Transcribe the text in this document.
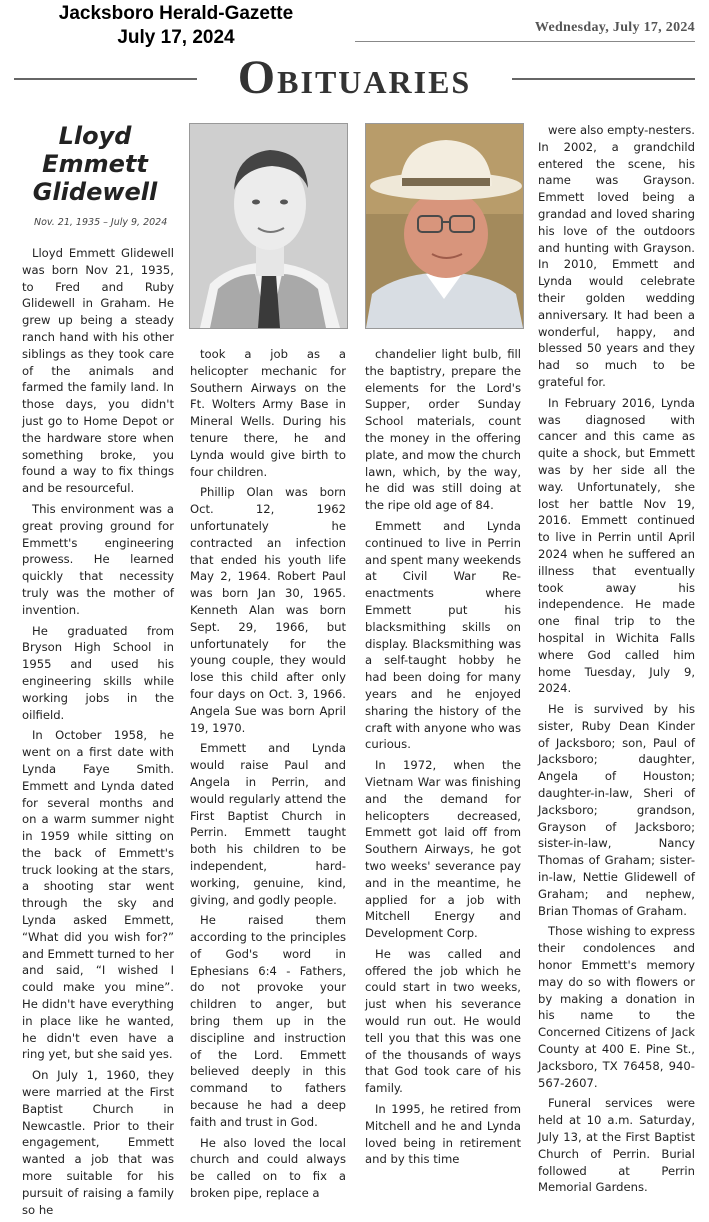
Jacksboro Herald-Gazette
July 17, 2024	Wednesday, July 17, 2024
OBITUARIES
Lloyd
Emmett
Glidewell
Nov. 21, 1935 – July 9, 2024

Lloyd Emmett Glidewell was born Nov 21, 1935, to Fred and Ruby Glidewell in Graham. He grew up being a steady ranch hand with his other siblings as they took care of the animals and farmed the family land. In those days, you didn't just go to Home Depot or the hardware store when something broke, you found a way to fix things and be resourceful.

This environment was a great proving ground for Emmett's engineering prowess. He learned quickly that necessity truly was the mother of invention.

He graduated from Bryson High School in 1955 and used his engineering skills while working jobs in the oilfield.

In October 1958, he went on a first date with Lynda Faye Smith. Emmett and Lynda dated for several months and on a warm summer night in 1959 while sitting on the back of Emmett's truck looking at the stars, a shooting star went through the sky and Lynda asked Emmett, “What did you wish for?” and Emmett turned to her and said, “I wished I could make you mine”. He didn't have everything in place like he wanted, he didn't even have a ring yet, but she said yes.

On July 1, 1960, they were married at the First Baptist Church in Newcastle. Prior to their engagement, Emmett wanted a job that was more suitable for his pursuit of raising a family so he

took a job as a helicopter mechanic for Southern Airways on the Ft. Wolters Army Base in Mineral Wells. During his tenure there, he and Lynda would give birth to four children.

Phillip Olan was born Oct. 12, 1962 unfortunately he contracted an infection that ended his youth life May 2, 1964. Robert Paul was born Jan 30, 1965. Kenneth Alan was born Sept. 29, 1966, but unfortunately for the young couple, they would lose this child after only four days on Oct. 3, 1966. Angela Sue was born April 19, 1970.

Emmett and Lynda would raise Paul and Angela in Perrin, and would regularly attend the First Baptist Church in Perrin. Emmett taught both his children to be independent, hard-working, genuine, kind, giving, and godly people.

He raised them according to the principles of God's word in Ephesians 6:4 - Fathers, do not provoke your children to anger, but bring them up in the discipline and instruction of the Lord. Emmett believed deeply in this command to fathers because he had a deep faith and trust in God.

He also loved the local church and could always be called on to fix a broken pipe, replace a

chandelier light bulb, fill the baptistry, prepare the elements for the Lord's Supper, order Sunday School materials, count the money in the offering plate, and mow the church lawn, which, by the way, he did was still doing at the ripe old age of 84.

Emmett and Lynda continued to live in Perrin and spent many weekends at Civil War Re-enactments where Emmett put his blacksmithing skills on display. Blacksmithing was a self-taught hobby he had been doing for many years and he enjoyed sharing the history of the craft with anyone who was curious.

In 1972, when the Vietnam War was finishing and the demand for helicopters decreased, Emmett got laid off from Southern Airways, he got two weeks' severance pay and in the meantime, he applied for a job with Mitchell Energy and Development Corp.

He was called and offered the job which he could start in two weeks, just when his severance would run out. He would tell you that this was one of the thousands of ways that God took care of his family.

In 1995, he retired from Mitchell and he and Lynda loved being in retirement and by this time

were also empty-nesters. In 2002, a grandchild entered the scene, his name was Grayson. Emmett loved being a grandad and loved sharing his love of the outdoors and hunting with Grayson. In 2010, Emmett and Lynda would celebrate their golden wedding anniversary. It had been a wonderful, happy, and blessed 50 years and they had so much to be grateful for.

In February 2016, Lynda was diagnosed with cancer and this came as quite a shock, but Emmett was by her side all the way. Unfortunately, she lost her battle Nov 19, 2016. Emmett continued to live in Perrin until April 2024 when he suffered an illness that eventually took away his independence. He made one final trip to the hospital in Wichita Falls where God called him home Tuesday, July 9, 2024.

He is survived by his sister, Ruby Dean Kinder of Jacksboro; son, Paul of Jacksboro; daughter, Angela of Houston; daughter-in-law, Sheri of Jacksboro; grandson, Grayson of Jacksboro; sister-in-law, Nancy Thomas of Graham; sister-in-law, Nettie Glidewell of Graham; and nephew, Brian Thomas of Graham.

Those wishing to express their condolences and honor Emmett's memory may do so with flowers or by making a donation in his name to the Concerned Citizens of Jack County at 400 E. Pine St., Jacksboro, TX 76458, 940-567-2607.

Funeral services were held at 10 a.m. Saturday, July 13, at the First Baptist Church of Perrin. Burial followed at Perrin Memorial Gardens.
